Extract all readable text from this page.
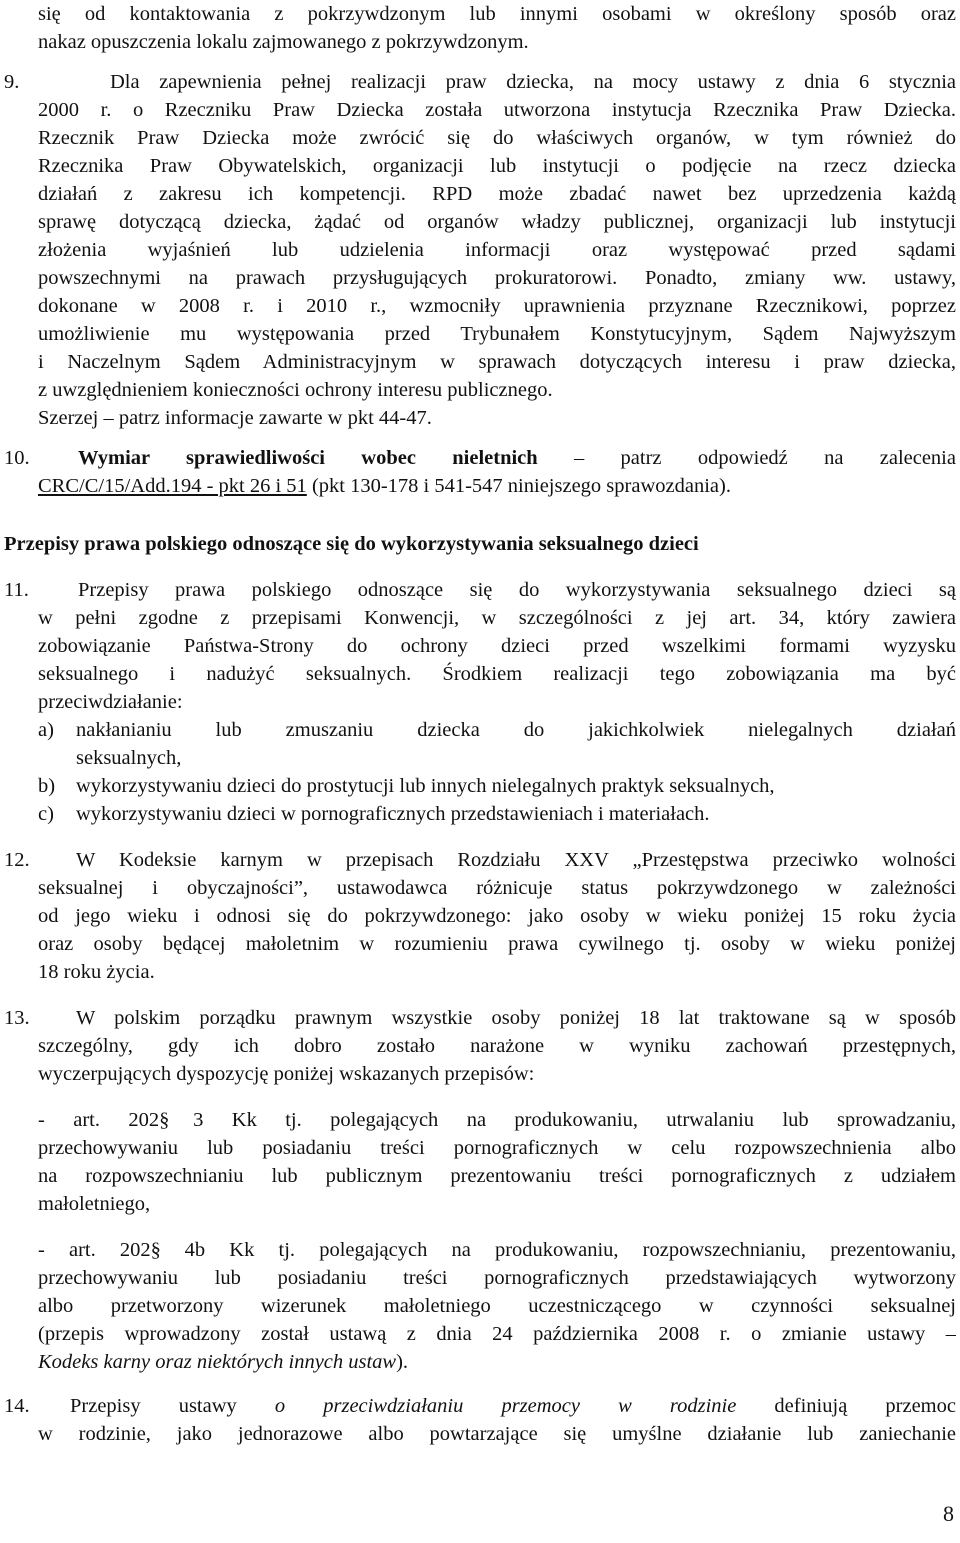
się od kontaktowania z pokrzywdzonym lub innymi osobami w określony sposób oraz
nakaz opuszczenia lokalu zajmowanego z pokrzywdzonym.
9.	Dla zapewnienia pełnej realizacji praw dziecka, na mocy ustawy z dnia 6 stycznia
2000 r. o Rzeczniku Praw Dziecka została utworzona instytucja Rzecznika Praw Dziecka.
Rzecznik Praw Dziecka może zwrócić się do właściwych organów, w tym również do
Rzecznika Praw Obywatelskich, organizacji lub instytucji o podjęcie na rzecz dziecka
działań z zakresu ich kompetencji. RPD może zbadać nawet bez uprzedzenia każdą
sprawę dotyczącą dziecka, żądać od organów władzy publicznej, organizacji lub instytucji
złożenia wyjaśnień lub udzielenia informacji oraz występować przed sądami
powszechnymi na prawach przysługujących prokuratorowi. Ponadto, zmiany ww. ustawy,
dokonane w 2008 r. i 2010 r., wzmocniły uprawnienia przyznane Rzecznikowi, poprzez
umożliwienie mu występowania przed Trybunałem Konstytucyjnym, Sądem Najwyższym
i Naczelnym Sądem Administracyjnym w sprawach dotyczących interesu i praw dziecka,
z uwzględnieniem konieczności ochrony interesu publicznego.
Szerzej – patrz informacje zawarte w pkt 44-47.
10. Wymiar sprawiedliwości wobec nieletnich – patrz odpowiedź na zalecenia
CRC/C/15/Add.194 - pkt 26 i 51 (pkt 130-178 i 541-547 niniejszego sprawozdania).
Przepisy prawa polskiego odnoszące się do wykorzystywania seksualnego dzieci
11. Przepisy prawa polskiego odnoszące się do wykorzystywania seksualnego dzieci są
w pełni zgodne z przepisami Konwencji, w szczególności z jej art. 34, który zawiera
zobowiązanie Państwa-Strony do ochrony dzieci przed wszelkimi formami wyzysku
seksualnego i nadużyć seksualnych. Środkiem realizacji tego zobowiązania ma być
przeciwdziałanie:
a) nakłanianiu lub zmuszaniu dziecka do jakichkolwiek nielegalnych działań
seksualnych,
b) wykorzystywaniu dzieci do prostytucji lub innych nielegalnych praktyk seksualnych,
c) wykorzystywaniu dzieci w pornograficznych przedstawieniach i materiałach.
12. W Kodeksie karnym w przepisach Rozdziału XXV „Przestępstwa przeciwko wolności
seksualnej i obyczajności”, ustawodawca różnicuje status pokrzywdzonego w zależności
od jego wieku i odnosi się do pokrzywdzonego: jako osoby w wieku poniżej 15 roku życia
oraz osoby będącej małoletnim w rozumieniu prawa cywilnego tj. osoby w wieku poniżej
18 roku życia.
13. W polskim porządku prawnym wszystkie osoby poniżej 18 lat traktowane są w sposób
szczególny, gdy ich dobro zostało narażone w wyniku zachowań przestępnych,
wyczerpujących dyspozycję poniżej wskazanych przepisów:
- art. 202§ 3 Kk tj. polegających na produkowaniu, utrwalaniu lub sprowadzaniu,
przechowywaniu lub posiadaniu treści pornograficznych w celu rozpowszechnienia albo
na rozpowszechnianiu lub publicznym prezentowaniu treści pornograficznych z udziałem
małoletniego,
- art. 202§ 4b Kk tj. polegających na produkowaniu, rozpowszechnianiu, prezentowaniu,
przechowywaniu lub posiadaniu treści pornograficznych przedstawiających wytworzony
albo przetworzony wizerunek małoletniego uczestniczącego w czynności seksualnej
(przepis wprowadzony został ustawą z dnia 24 października 2008 r. o zmianie ustawy –
Kodeks karny oraz niektórych innych ustaw).
14. Przepisy ustawy o przeciwdziałaniu przemocy w rodzinie definiują przemoc
w rodzinie, jako jednorazowe albo powtarzające się umyślne działanie lub zaniechanie
8
